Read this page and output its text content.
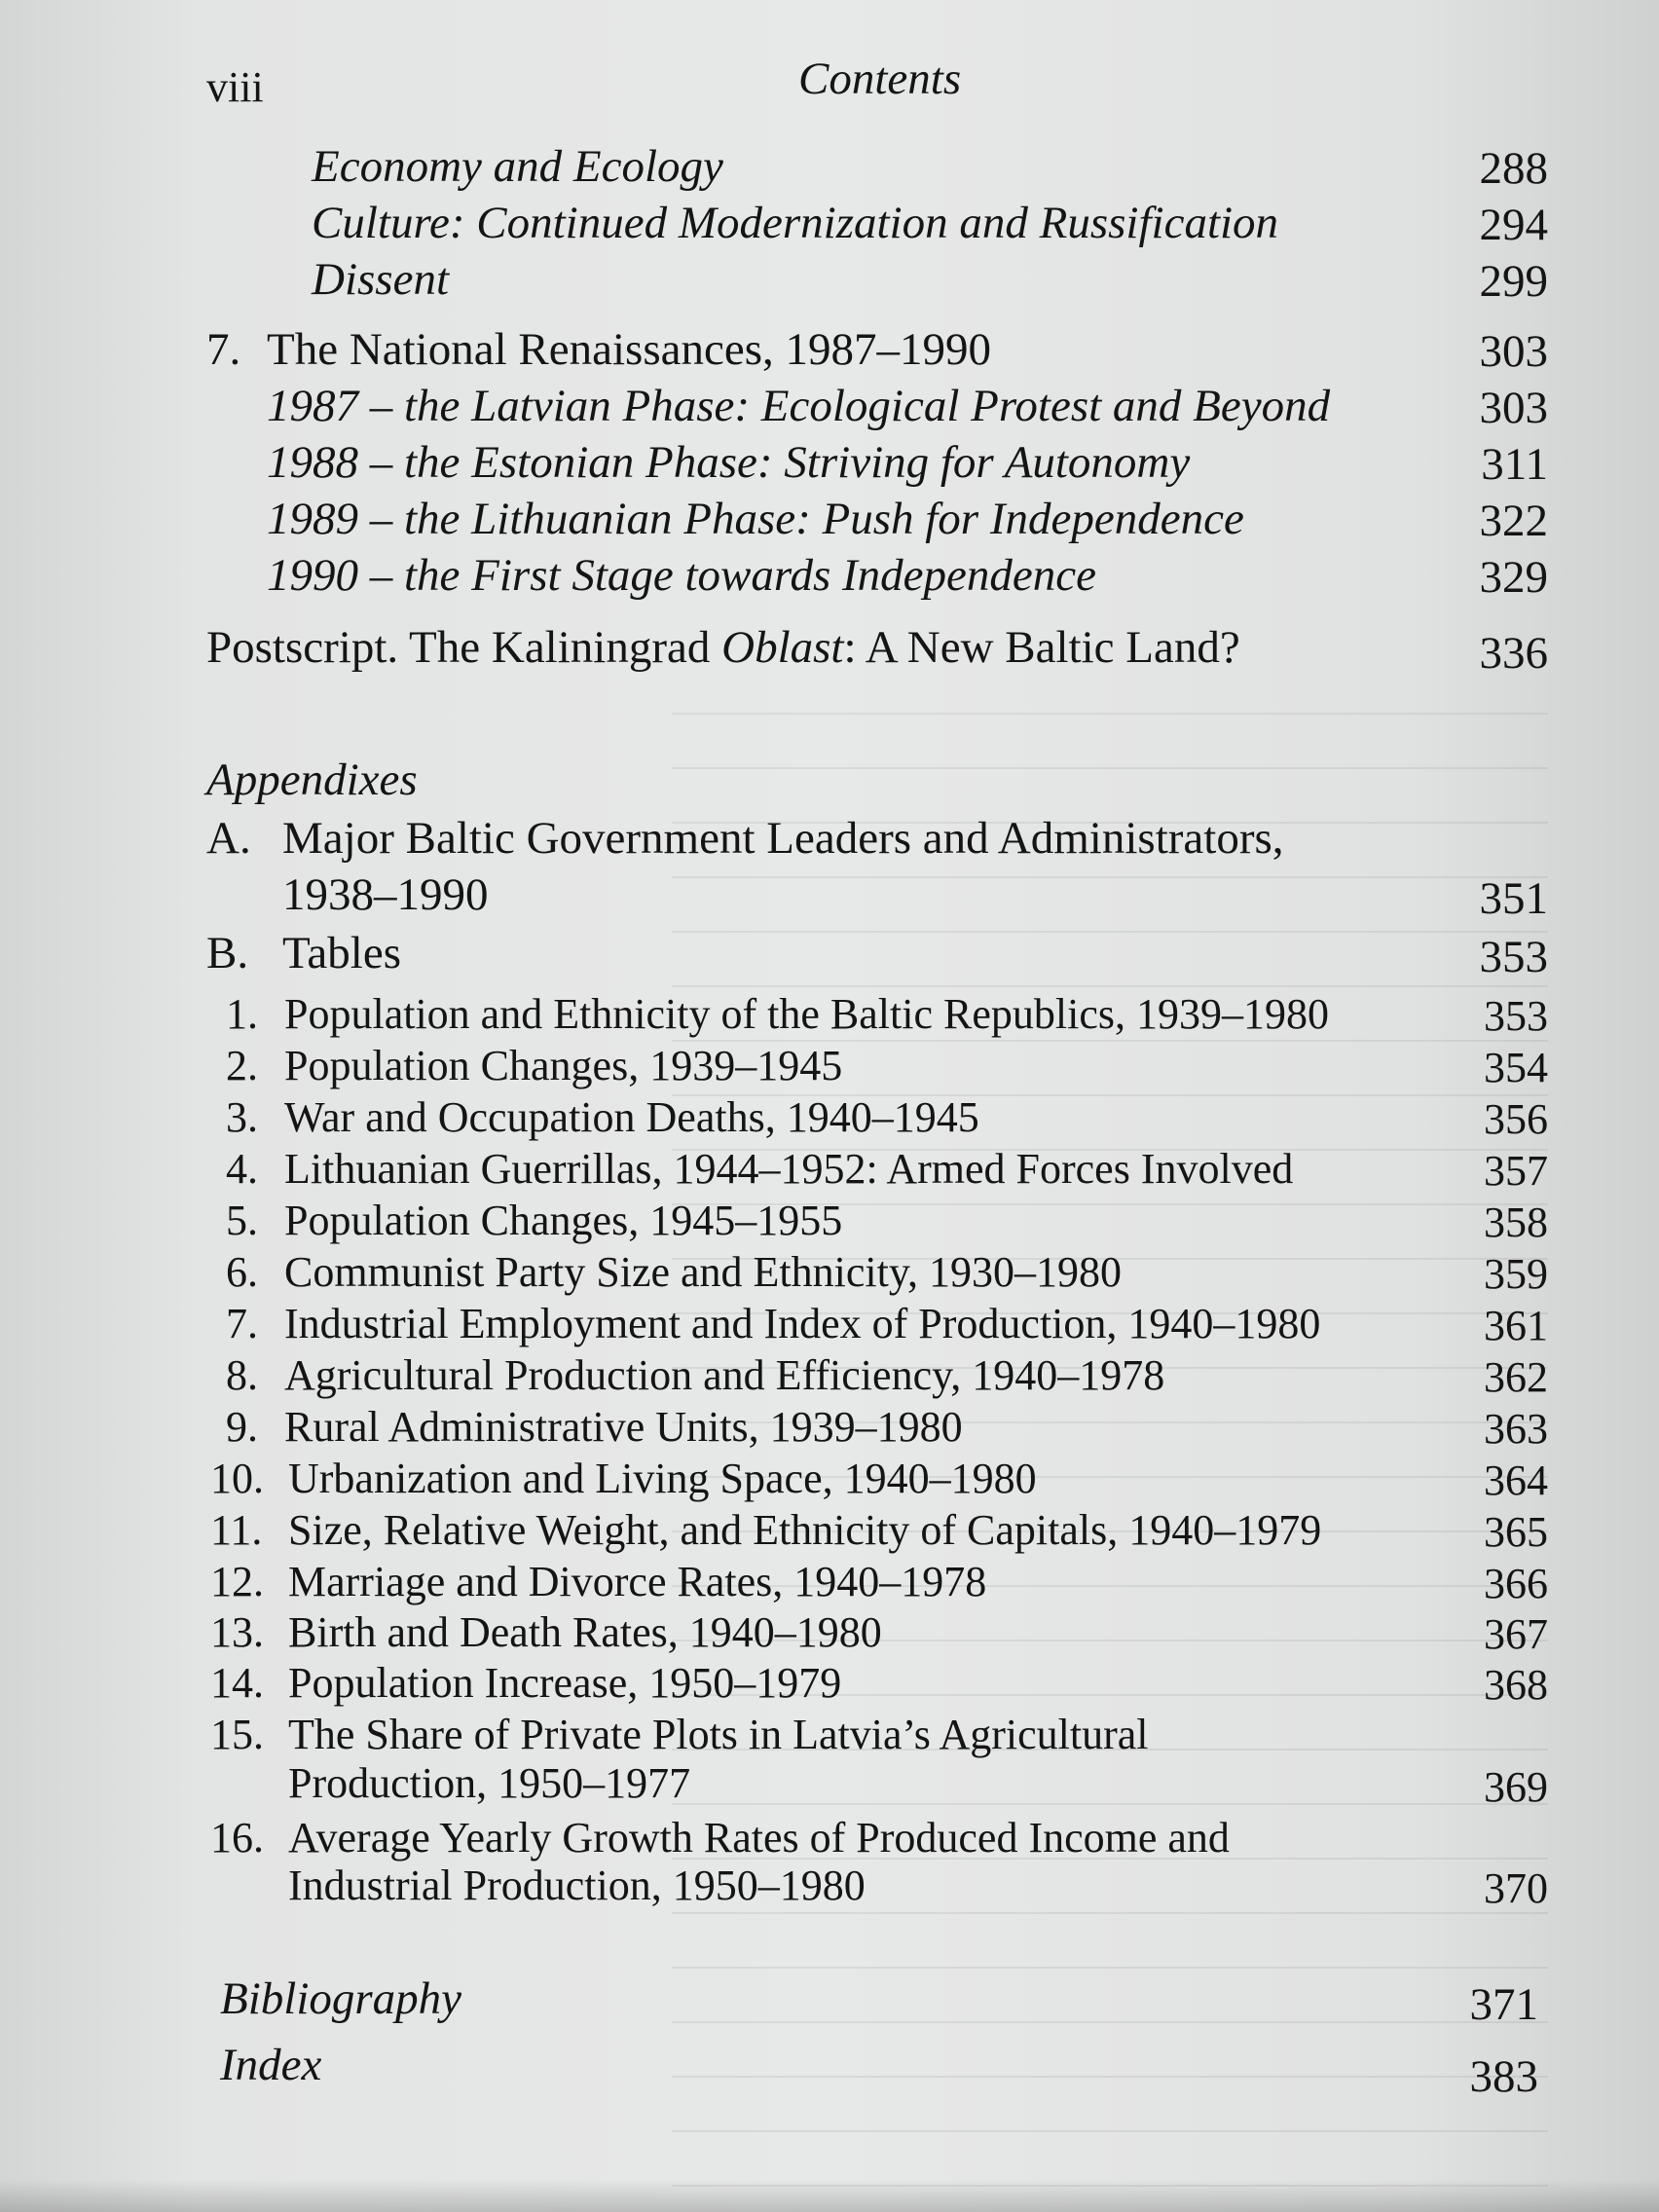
viii	Contents
Economy and Ecology	288
Culture: Continued Modernization and Russification	294
Dissent	299
7. The National Renaissances, 1987–1990	303
1987 – the Latvian Phase: Ecological Protest and Beyond	303
1988 – the Estonian Phase: Striving for Autonomy	311
1989 – the Lithuanian Phase: Push for Independence	322
1990 – the First Stage towards Independence	329
Postscript. The Kaliningrad Oblast: A New Baltic Land?	336
Appendixes
A. Major Baltic Government Leaders and Administrators,
1938–1990	351
B. Tables	353
1. Population and Ethnicity of the Baltic Republics, 1939–1980	353
2. Population Changes, 1939–1945	354
3. War and Occupation Deaths, 1940–1945	356
4. Lithuanian Guerrillas, 1944–1952: Armed Forces Involved	357
5. Population Changes, 1945–1955	358
6. Communist Party Size and Ethnicity, 1930–1980	359
7. Industrial Employment and Index of Production, 1940–1980	361
8. Agricultural Production and Efficiency, 1940–1978	362
9. Rural Administrative Units, 1939–1980	363
10. Urbanization and Living Space, 1940–1980	364
11. Size, Relative Weight, and Ethnicity of Capitals, 1940–1979	365
12. Marriage and Divorce Rates, 1940–1978	366
13. Birth and Death Rates, 1940–1980	367
14. Population Increase, 1950–1979	368
15. The Share of Private Plots in Latvia’s Agricultural
Production, 1950–1977	369
16. Average Yearly Growth Rates of Produced Income and
Industrial Production, 1950–1980	370
Bibliography	371
Index	383
